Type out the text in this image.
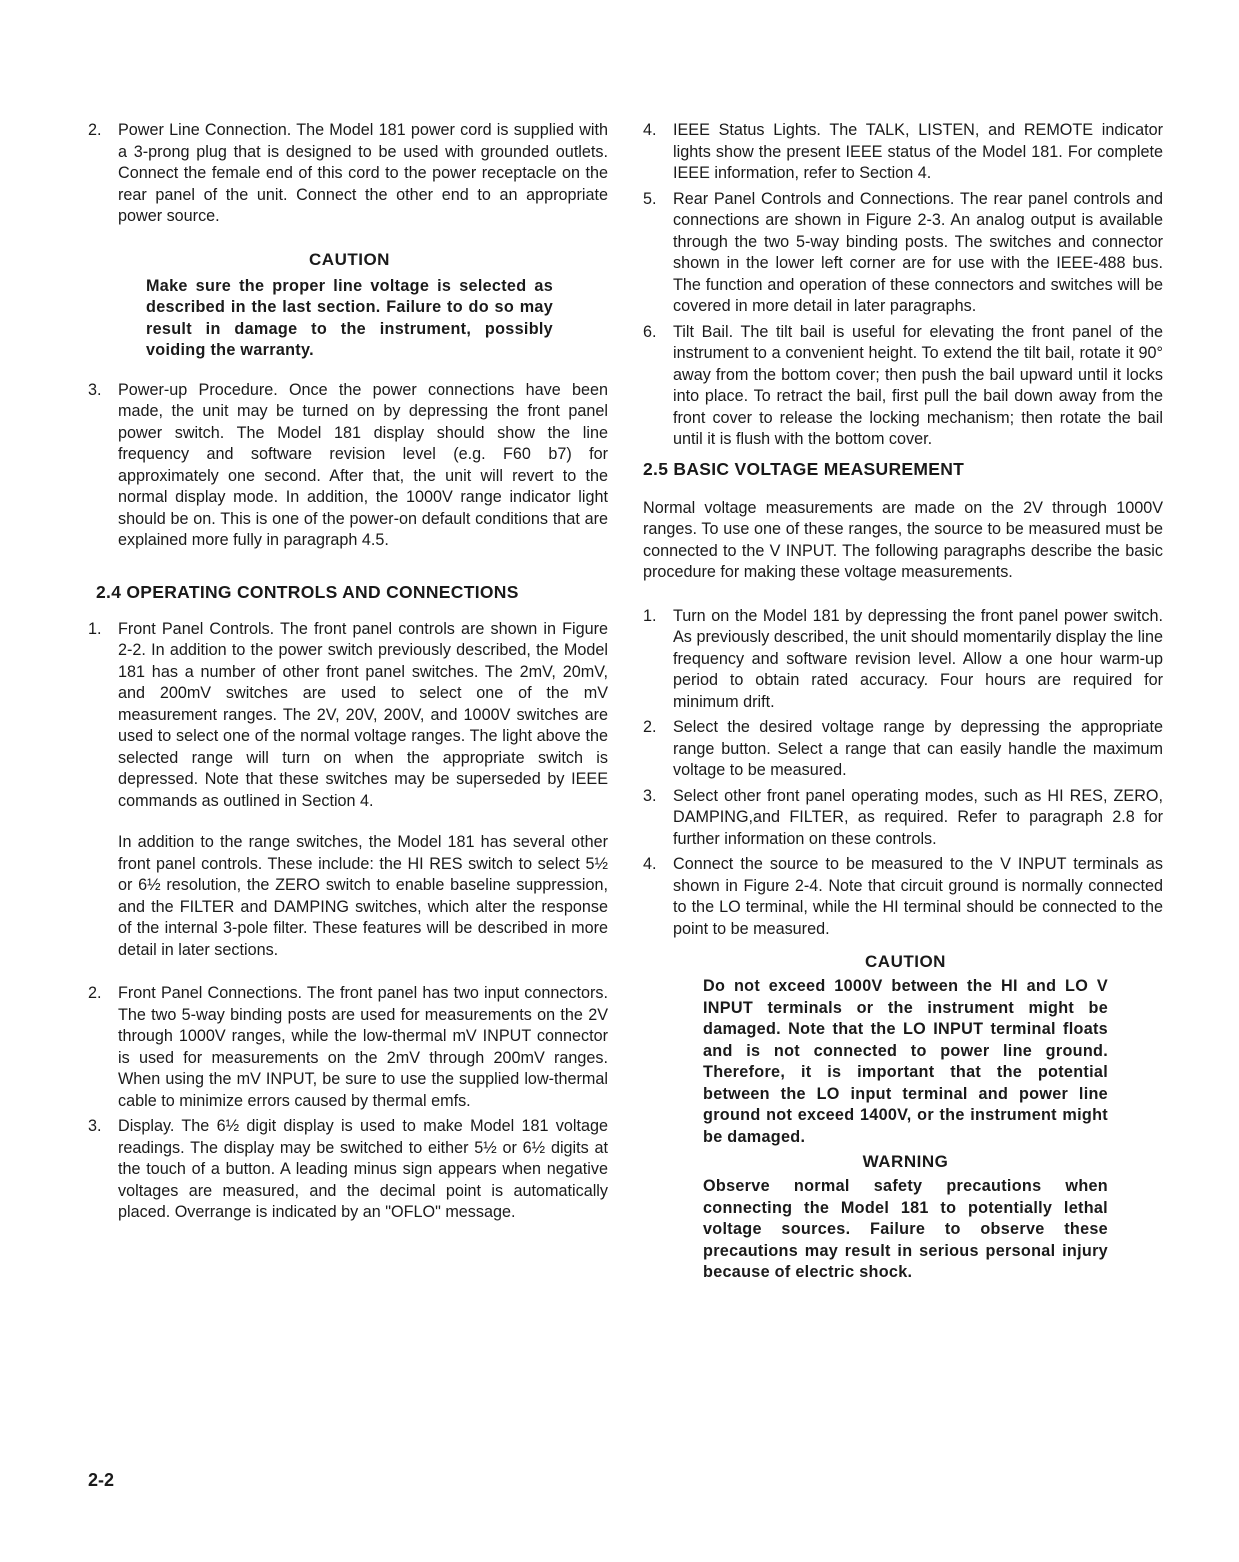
2. Power Line Connection. The Model 181 power cord is supplied with a 3-prong plug that is designed to be used with grounded outlets. Connect the female end of this cord to the power receptacle on the rear panel of the unit. Connect the other end to an appropriate power source.

CAUTION

Make sure the proper line voltage is selected as described in the last section. Failure to do so may result in damage to the instrument, possibly voiding the warranty.

3. Power-up Procedure. Once the power connections have been made, the unit may be turned on by depressing the front panel power switch. The Model 181 display should show the line frequency and software revision level (e.g. F60 b7) for approximately one second. After that, the unit will revert to the normal display mode. In addition, the 1000V range indicator light should be on. This is one of the power-on default conditions that are explained more fully in paragraph 4.5.

2.4 OPERATING CONTROLS AND CONNECTIONS

1. Front Panel Controls. The front panel controls are shown in Figure 2-2. In addition to the power switch previously described, the Model 181 has a number of other front panel switches. The 2mV, 20mV, and 200mV switches are used to select one of the mV measurement ranges. The 2V, 20V, 200V, and 1000V switches are used to select one of the normal voltage ranges. The light above the selected range will turn on when the appropriate switch is depressed. Note that these switches may be superseded by IEEE commands as outlined in Section 4.

In addition to the range switches, the Model 181 has several other front panel controls. These include: the HI RES switch to select 5½ or 6½ resolution, the ZERO switch to enable baseline suppression, and the FILTER and DAMPING switches, which alter the response of the internal 3-pole filter. These features will be described in more detail in later sections.

2. Front Panel Connections. The front panel has two input connectors. The two 5-way binding posts are used for measurements on the 2V through 1000V ranges, while the low-thermal mV INPUT connector is used for measurements on the 2mV through 200mV ranges. When using the mV INPUT, be sure to use the supplied low-thermal cable to minimize errors caused by thermal emfs.
3. Display. The 6½ digit display is used to make Model 181 voltage readings. The display may be switched to either 5½ or 6½ digits at the touch of a button. A leading minus sign appears when negative voltages are measured, and the decimal point is automatically placed. Overrange is indicated by an "OFLO" message.
4. IEEE Status Lights. The TALK, LISTEN, and REMOTE indicator lights show the present IEEE status of the Model 181. For complete IEEE information, refer to Section 4.
5. Rear Panel Controls and Connections. The rear panel controls and connections are shown in Figure 2-3. An analog output is available through the two 5-way binding posts. The switches and connector shown in the lower left corner are for use with the IEEE-488 bus. The function and operation of these connectors and switches will be covered in more detail in later paragraphs.
6. Tilt Bail. The tilt bail is useful for elevating the front panel of the instrument to a convenient height. To extend the tilt bail, rotate it 90° away from the bottom cover; then push the bail upward until it locks into place. To retract the bail, first pull the bail down away from the front cover to release the locking mechanism; then rotate the bail until it is flush with the bottom cover.

2.5 BASIC VOLTAGE MEASUREMENT

Normal voltage measurements are made on the 2V through 1000V ranges. To use one of these ranges, the source to be measured must be connected to the V INPUT. The following paragraphs describe the basic procedure for making these voltage measurements.

1. Turn on the Model 181 by depressing the front panel power switch. As previously described, the unit should momentarily display the line frequency and software revision level. Allow a one hour warm-up period to obtain rated accuracy. Four hours are required for minimum drift.
2. Select the desired voltage range by depressing the appropriate range button. Select a range that can easily handle the maximum voltage to be measured.
3. Select other front panel operating modes, such as HI RES, ZERO, DAMPING,and FILTER, as required. Refer to paragraph 2.8 for further information on these controls.
4. Connect the source to be measured to the V INPUT terminals as shown in Figure 2-4. Note that circuit ground is normally connected to the LO terminal, while the HI terminal should be connected to the point to be measured.

CAUTION

Do not exceed 1000V between the HI and LO V INPUT terminals or the instrument might be damaged. Note that the LO INPUT terminal floats and is not connected to power line ground. Therefore, it is important that the potential between the LO input terminal and power line ground not exceed 1400V, or the instrument might be damaged.

WARNING

Observe normal safety precautions when connecting the Model 181 to potentially lethal voltage sources. Failure to observe these precautions may result in serious personal injury because of electric shock.

2-2
